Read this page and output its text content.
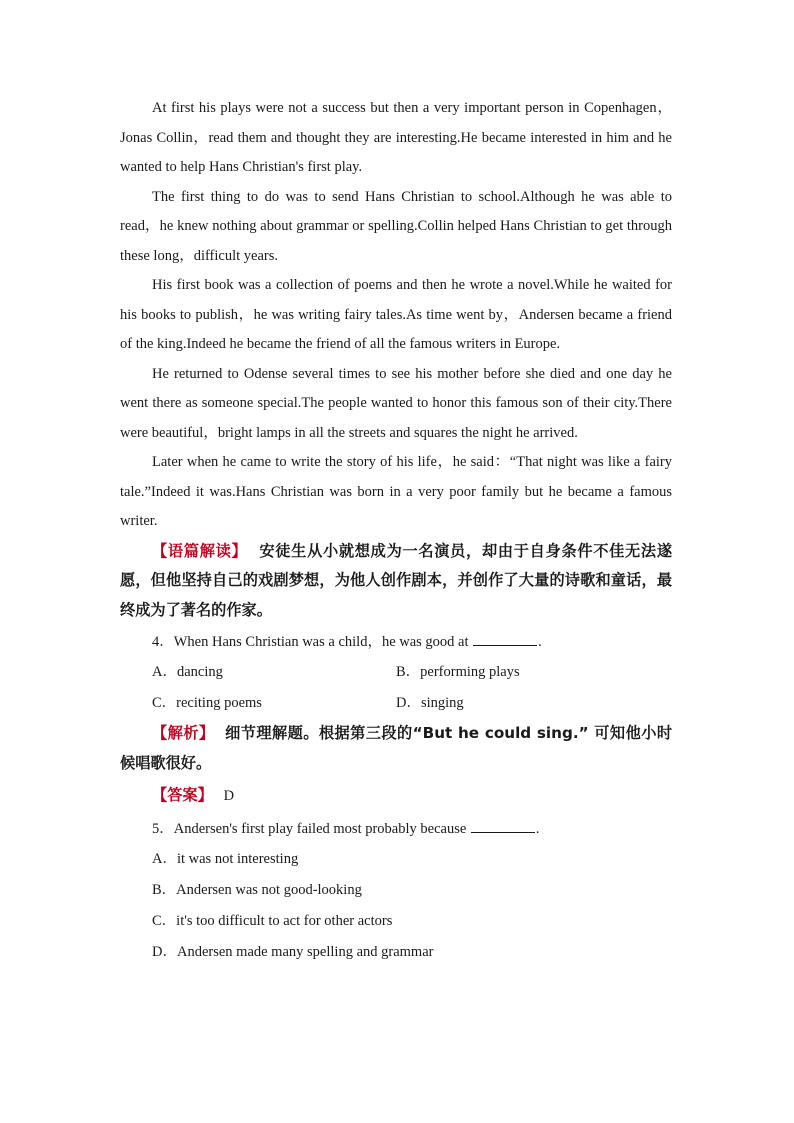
At first his plays were not a success but then a very important person in Copenhagen，Jonas Collin，read them and thought they are interesting.He became interested in him and he wanted to help Hans Christian's first play.

The first thing to do was to send Hans Christian to school.Although he was able to read，he knew nothing about grammar or spelling.Collin helped Hans Christian to get through these long，difficult years.

His first book was a collection of poems and then he wrote a novel.While he waited for his books to publish，he was writing fairy tales.As time went by，Andersen became a friend of the king.Indeed he became the friend of all the famous writers in Europe.

He returned to Odense several times to see his mother before she died and one day he went there as someone special.The people wanted to honor this famous son of their city.There were beautiful，bright lamps in all the streets and squares the night he arrived.

Later when he came to write the story of his life，he said：“That night was like a fairy tale.”Indeed it was.Hans Christian was born in a very poor family but he became a famous writer.

【语篇解读】 安徒生从小就想成为一名演员，却由于自身条件不佳无法遂愿，但他坚持自己的戏剧梦想，为他人创作剧本，并创作了大量的诗歌和童话，最终成为了著名的作家。

4．When Hans Christian was a child，he was good at	.

A．dancing	B．performing plays
C．reciting poems	D．singing

【解析】 细节理解题。根据第三段的“But he could sing.” 可知他小时候唱歌很好。

【答案】 D

5．Andersen's first play failed most probably because	.

A．it was not interesting
B．Andersen was not good-looking
C．it's too difficult to act for other actors
D．Andersen made many spelling and grammar
